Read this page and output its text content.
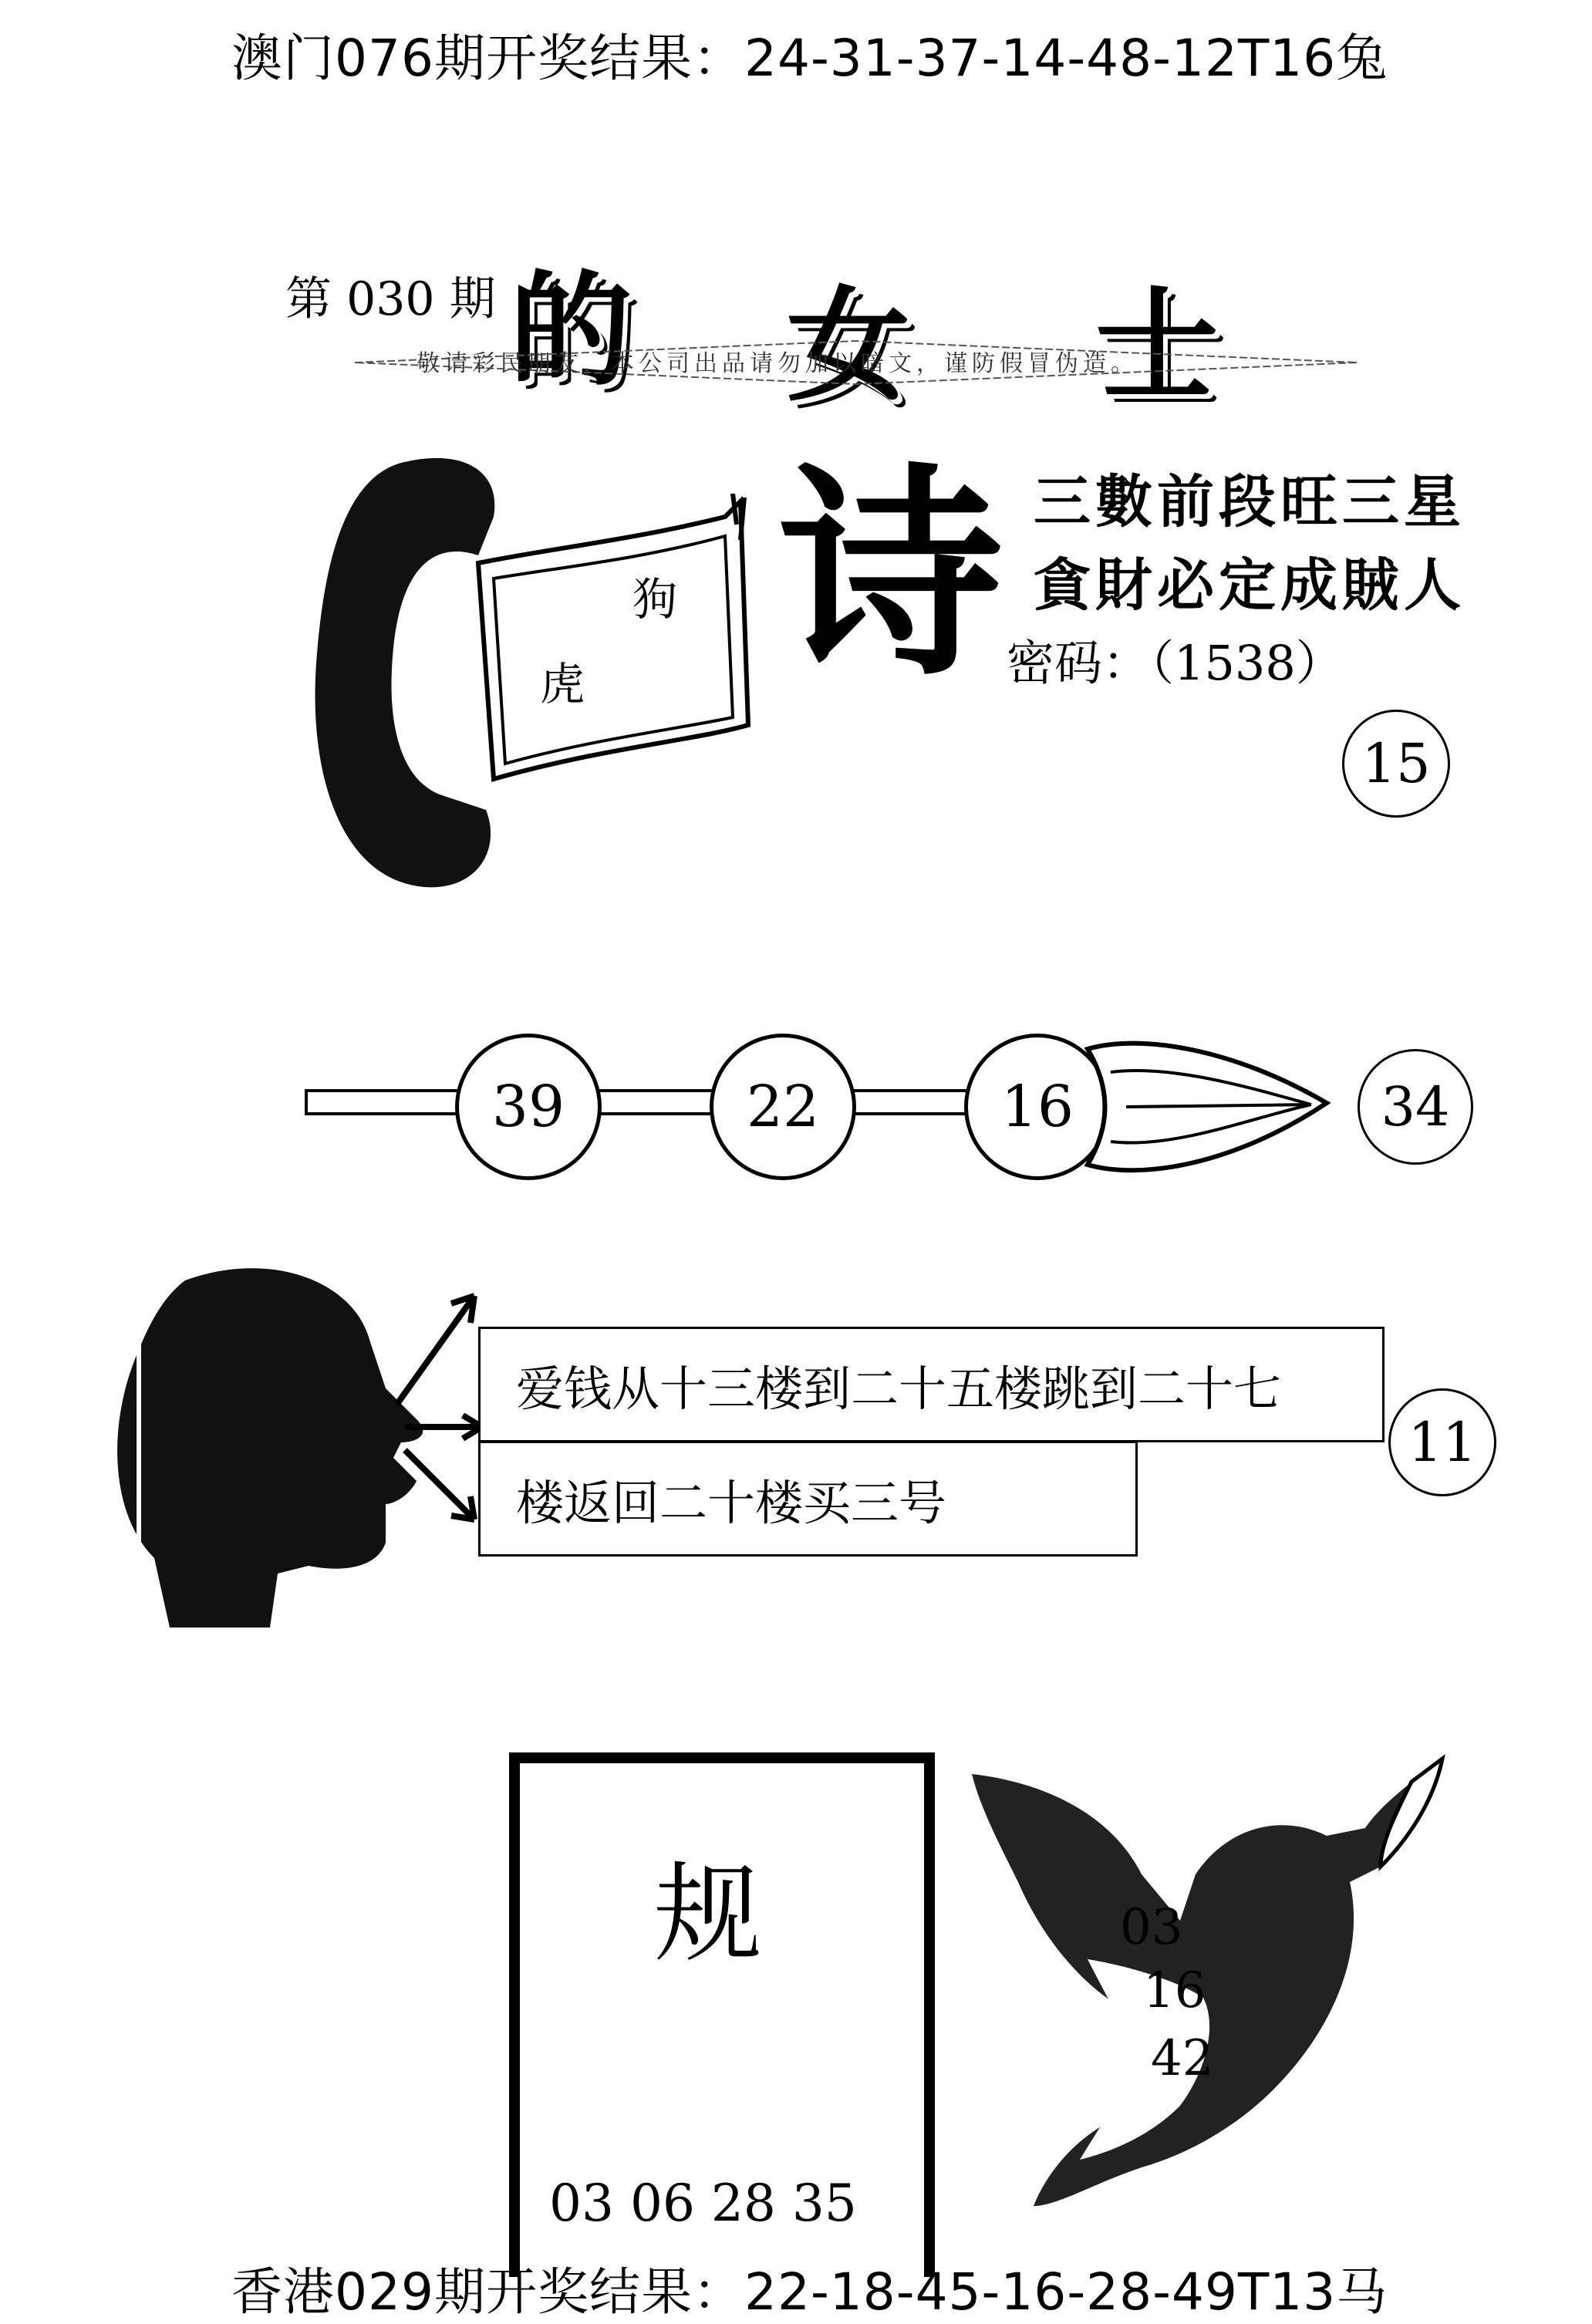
澳门076期开奖结果：24-31-37-14-48-12T16兔
第 030 期 的 女 士
敬请彩民朋友，本公司出品请勿加以暗文，谨防假冒伪造。
狗
虎 诗 三數前段旺三星
貪財必定成賊人
密码：（1538）
15
39	22	16	34
爱钱从十三楼到二十五楼跳到二十七
楼返回二十楼买三号
11
规
03 06 28 35
03
16
42
香港029期开奖结果：22-18-45-16-28-49T13马
